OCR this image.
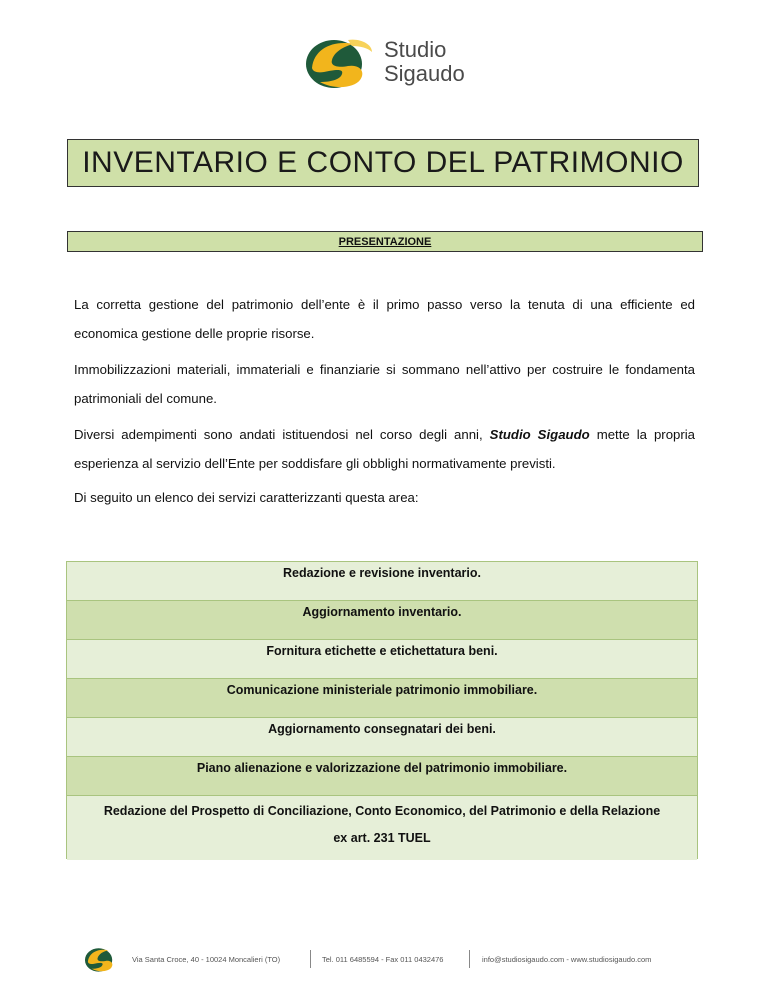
Studio
Sigaudo
INVENTARIO E CONTO DEL PATRIMONIO
PRESENTAZIONE
La corretta gestione del patrimonio dell’ente è il primo passo verso la tenuta di una efficiente ed economica gestione delle proprie risorse.
Immobilizzazioni materiali, immateriali e finanziarie si sommano nell’attivo per costruire le fondamenta patrimoniali del comune.
Diversi adempimenti sono andati istituendosi nel corso degli anni, Studio Sigaudo mette la propria esperienza al servizio dell’Ente per soddisfare gli obblighi normativamente previsti.
Di seguito un elenco dei servizi caratterizzanti questa area:
Redazione e revisione inventario.
Aggiornamento inventario.
Fornitura etichette e etichettatura beni.
Comunicazione ministeriale patrimonio immobiliare.
Aggiornamento consegnatari dei beni.
Piano alienazione e valorizzazione del patrimonio immobiliare.
Redazione del Prospetto di Conciliazione, Conto Economico, del Patrimonio e della Relazione
ex art. 231 TUEL
Via Santa Croce, 40 - 10024 Moncalieri (TO)	Tel. 011 6485594 - Fax 011 0432476	info@studiosigaudo.com - www.studiosigaudo.com
